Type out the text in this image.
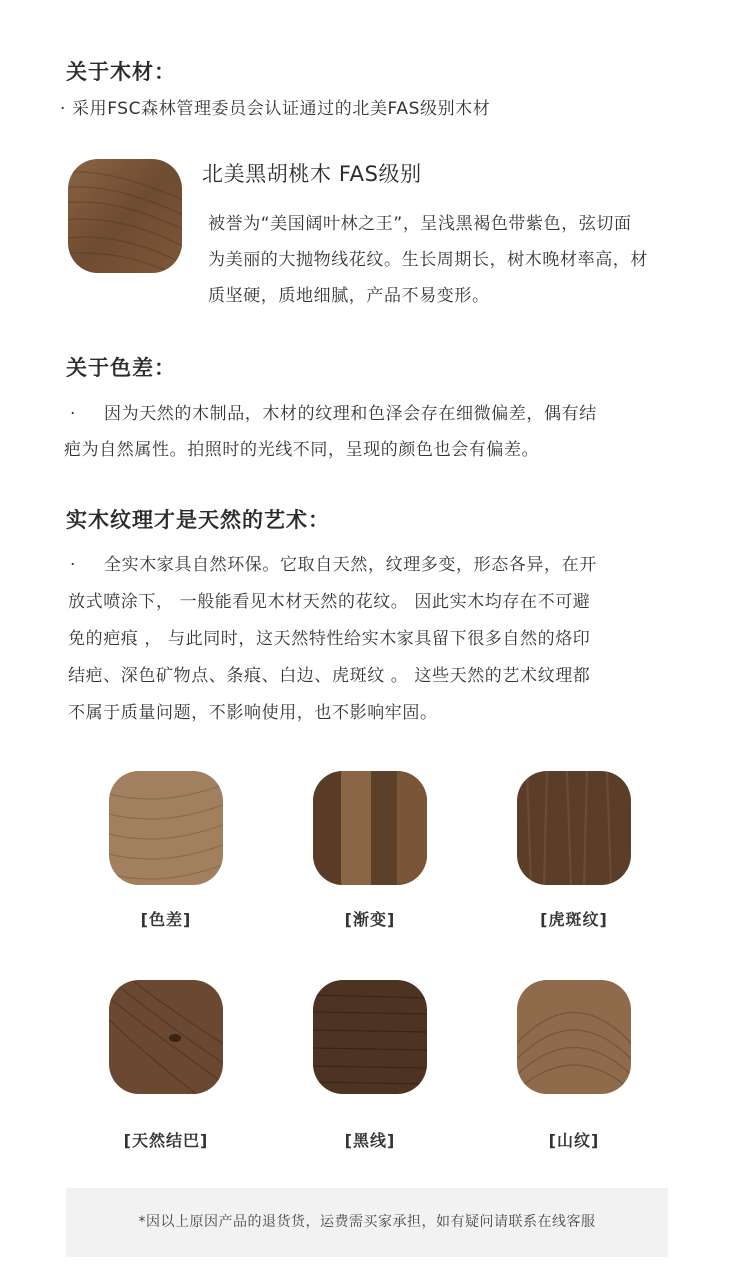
关于木材：
· 采用FSC森林管理委员会认证通过的北美FAS级别木材
北美黑胡桃木 FAS级别
被誉为“美国阔叶林之王”，呈浅黑褐色带紫色，弦切面
为美丽的大抛物线花纹。生长周期长，树木晚材率高，材
质坚硬，质地细腻，产品不易变形。
关于色差：
· 因为天然的木制品，木材的纹理和色泽会存在细微偏差，偶有结
疤为自然属性。拍照时的光线不同，呈现的颜色也会有偏差。
实木纹理才是天然的艺术：
· 全实木家具自然环保。它取自天然，纹理多变，形态各异，在开
放式喷涂下， 一般能看见木材天然的花纹。 因此实木均存在不可避
免的疤痕 ， 与此同时，这天然特性给实木家具留下很多自然的烙印
结疤、深色矿物点、条痕、白边、虎斑纹 。 这些天然的艺术纹理都
不属于质量问题，不影响使用，也不影响牢固。
[色差]	[渐变]	[虎斑纹]
[天然结巴]	[黑线]	[山纹]
*因以上原因产品的退货货，运费需买家承担，如有疑问请联系在线客服
